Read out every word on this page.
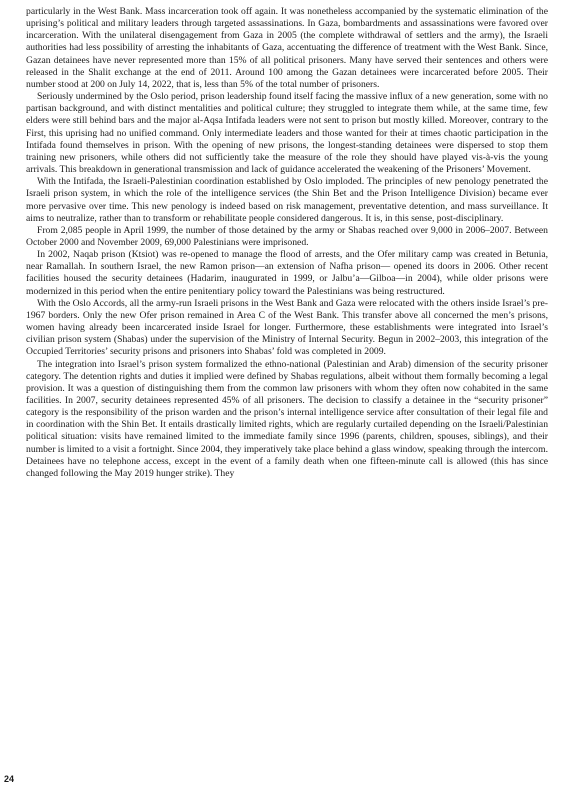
particularly in the West Bank. Mass incarceration took off again. It was nonetheless accompanied by the systematic elimination of the uprising’s political and military leaders through targeted assassinations. In Gaza, bombardments and assassinations were favored over incarceration. With the unilateral disengagement from Gaza in 2005 (the complete withdrawal of settlers and the army), the Israeli authorities had less possibility of arresting the inhabitants of Gaza, accentuating the difference of treatment with the West Bank. Since, Gazan detainees have never represented more than 15% of all political prisoners. Many have served their sentences and others were released in the Shalit exchange at the end of 2011. Around 100 among the Gazan detainees were incarcerated before 2005. Their number stood at 200 on July 14, 2022, that is, less than 5% of the total number of prisoners.

Seriously undermined by the Oslo period, prison leadership found itself facing the massive influx of a new generation, some with no partisan background, and with distinct mentalities and political culture; they struggled to integrate them while, at the same time, few elders were still behind bars and the major al-Aqsa Intifada leaders were not sent to prison but mostly killed. Moreover, contrary to the First, this uprising had no unified command. Only intermediate leaders and those wanted for their at times chaotic participation in the Intifada found themselves in prison. With the opening of new prisons, the longest-standing detainees were dispersed to stop them training new prisoners, while others did not sufficiently take the measure of the role they should have played vis-à-vis the young arrivals. This breakdown in generational transmission and lack of guidance accelerated the weakening of the Prisoners’ Movement.

With the Intifada, the Israeli-Palestinian coordination established by Oslo imploded. The principles of new penology penetrated the Israeli prison system, in which the role of the intelligence services (the Shin Bet and the Prison Intelligence Division) became ever more pervasive over time. This new penology is indeed based on risk management, preventative detention, and mass surveillance. It aims to neutralize, rather than to transform or rehabilitate people considered dangerous. It is, in this sense, post-disciplinary.

From 2,085 people in April 1999, the number of those detained by the army or Shabas reached over 9,000 in 2006–2007. Between October 2000 and November 2009, 69,000 Palestinians were imprisoned.

In 2002, Naqab prison (Ktsiot) was re-opened to manage the flood of arrests, and the Ofer military camp was created in Betunia, near Ramallah. In southern Israel, the new Ramon prison—an extension of Nafha prison— opened its doors in 2006. Other recent facilities housed the security detainees (Hadarim, inaugurated in 1999, or Jalbu’a—Gilboa—in 2004), while older prisons were modernized in this period when the entire penitentiary policy toward the Palestinians was being restructured.

With the Oslo Accords, all the army-run Israeli prisons in the West Bank and Gaza were relocated with the others inside Israel’s pre-1967 borders. Only the new Ofer prison remained in Area C of the West Bank. This transfer above all concerned the men’s prisons, women having already been incarcerated inside Israel for longer. Furthermore, these establishments were integrated into Israel’s civilian prison system (Shabas) under the supervision of the Ministry of Internal Security. Begun in 2002–2003, this integration of the Occupied Territories’ security prisons and prisoners into Shabas’ fold was completed in 2009.

The integration into Israel’s prison system formalized the ethno-national (Palestinian and Arab) dimension of the security prisoner category. The detention rights and duties it implied were defined by Shabas regulations, albeit without them formally becoming a legal provision. It was a question of distinguishing them from the common law prisoners with whom they often now cohabited in the same facilities. In 2007, security detainees represented 45% of all prisoners. The decision to classify a detainee in the “security prisoner” category is the responsibility of the prison warden and the prison’s internal intelligence service after consultation of their legal file and in coordination with the Shin Bet. It entails drastically limited rights, which are regularly curtailed depending on the Israeli/Palestinian political situation: visits have remained limited to the immediate family since 1996 (parents, children, spouses, siblings), and their number is limited to a visit a fortnight. Since 2004, they imperatively take place behind a glass window, speaking through the intercom. Detainees have no telephone access, except in the event of a family death when one fifteen-minute call is allowed (this has since changed following the May 2019 hunger strike). They

24
